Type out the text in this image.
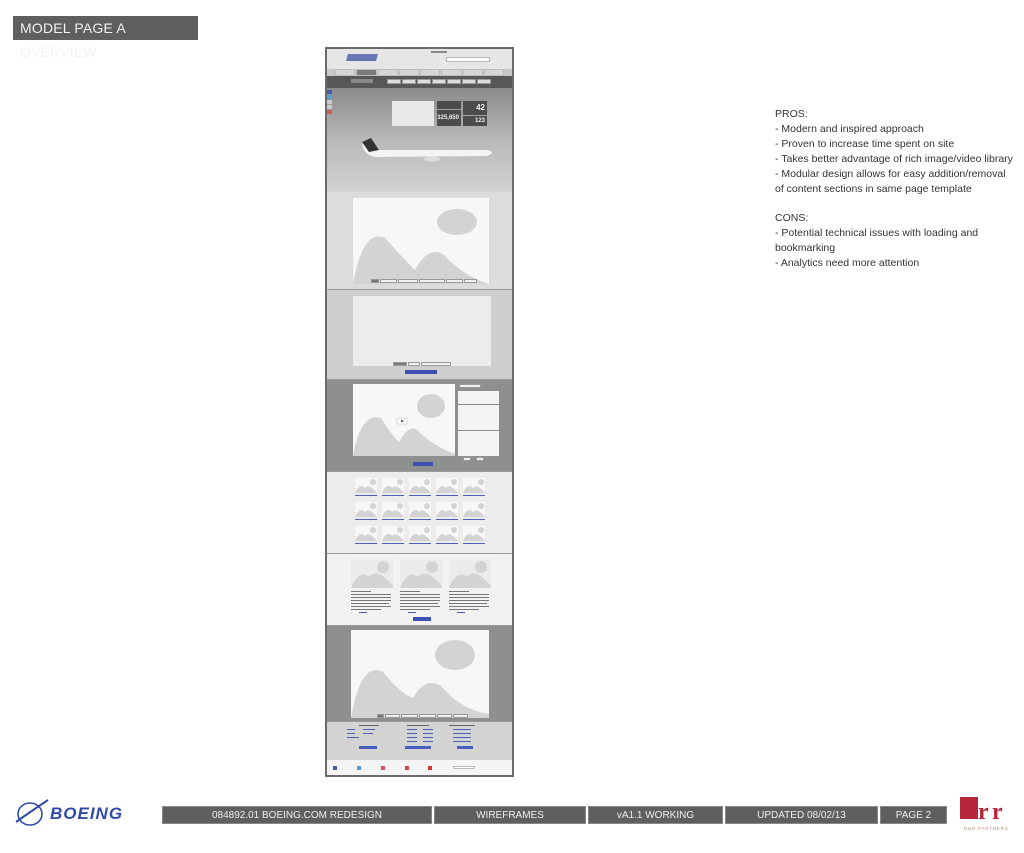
MODEL PAGE A OVERVIEW
325,650
42
123

PROS:

- Modern and inspired approach

- Proven to increase time spent on site

- Takes better advantage of rich image/video library

- Modular design allows for easy addition/removal of content sections in same page template

CONS:

- Potential technical issues with loading and bookmarking

- Analytics need more attention

BOEING	084892.01 BOEING.COM REDESIGN	WIREFRAMES	vA1.1 WORKING	UPDATED 08/02/13	PAGE 2	r r
R&R PARTNERS
